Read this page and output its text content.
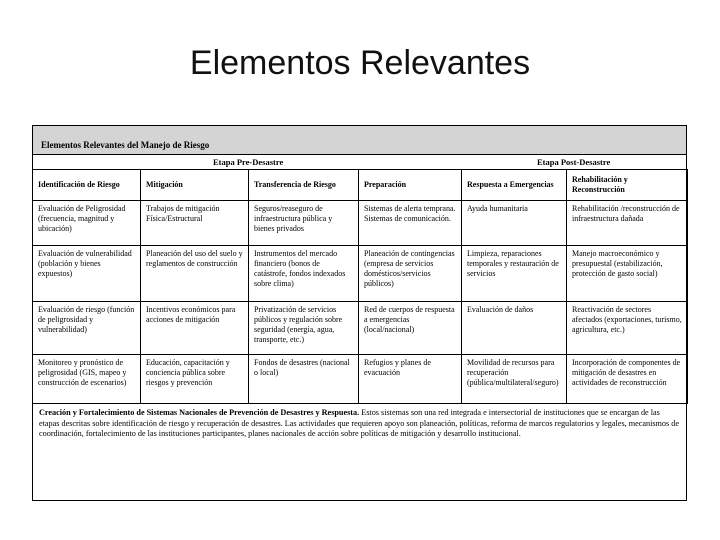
Elementos Relevantes
Elementos Relevantes del Manejo de Riesgo
Etapa Pre-Desastre	Etapa Post-Desastre
Identificación de Riesgo	Mitigación	Transferencia de Riesgo	Preparación	Respuesta a Emergencias	Rehabilitación y Reconstrucción
Evaluación de Peligrosidad (frecuencia, magnitud y ubicación)	Trabajos de mitigación Física/Estructural	Seguros/reaseguro de infraestructura pública y bienes privados	Sistemas de alerta temprana. Sistemas de comunicación.	Ayuda humanitaria	Rehabilitación /reconstrucción de infraestructura dañada
Evaluación de vulnerabilidad (población y bienes expuestos)	Planeación del uso del suelo y reglamentos de construcción	Instrumentos del mercado financiero (bonos de catástrofe, fondos indexados sobre clima)	Planeación de contingencias (empresa de servicios domésticos/servicios públicos)	Limpieza, reparaciones temporales y restauración de servicios	Manejo macroeconómico y presupuestal (estabilización, protección de gasto social)
Evaluación de riesgo (función de peligrosidad y vulnerabilidad)	Incentivos económicos para acciones de mitigación	Privatización de servicios públicos y regulación sobre seguridad (energía, agua, transporte, etc.)	Red de cuerpos de respuesta a emergencias (local/nacional)	Evaluación de daños	Reactivación de sectores afectados (exportaciones, turismo, agricultura, etc.)
Monitoreo y pronóstico de peligrosidad (GIS, mapeo y construcción de escenarios)	Educación, capacitación y conciencia pública sobre riesgos y prevención	Fondos de desastres (nacional o local)	Refugios y planes de evacuación	Movilidad de recursos para recuperación (pública/multilateral/seguro)	Incorporación de componentes de mitigación de desastres en actividades de reconstrucción
Creación y Fortalecimiento de Sistemas Nacionales de Prevención de Desastres y Respuesta. Estos sistemas son una red integrada e intersectorial de instituciones que se encargan de las etapas descritas sobre identificación de riesgo y recuperación de desastres. Las actividades que requieren apoyo son planeación, políticas, reforma de marcos regulatorios y legales, mecanismos de coordinación, fortalecimiento de las instituciones participantes, planes nacionales de acción sobre políticas de mitigación y desarrollo institucional.
